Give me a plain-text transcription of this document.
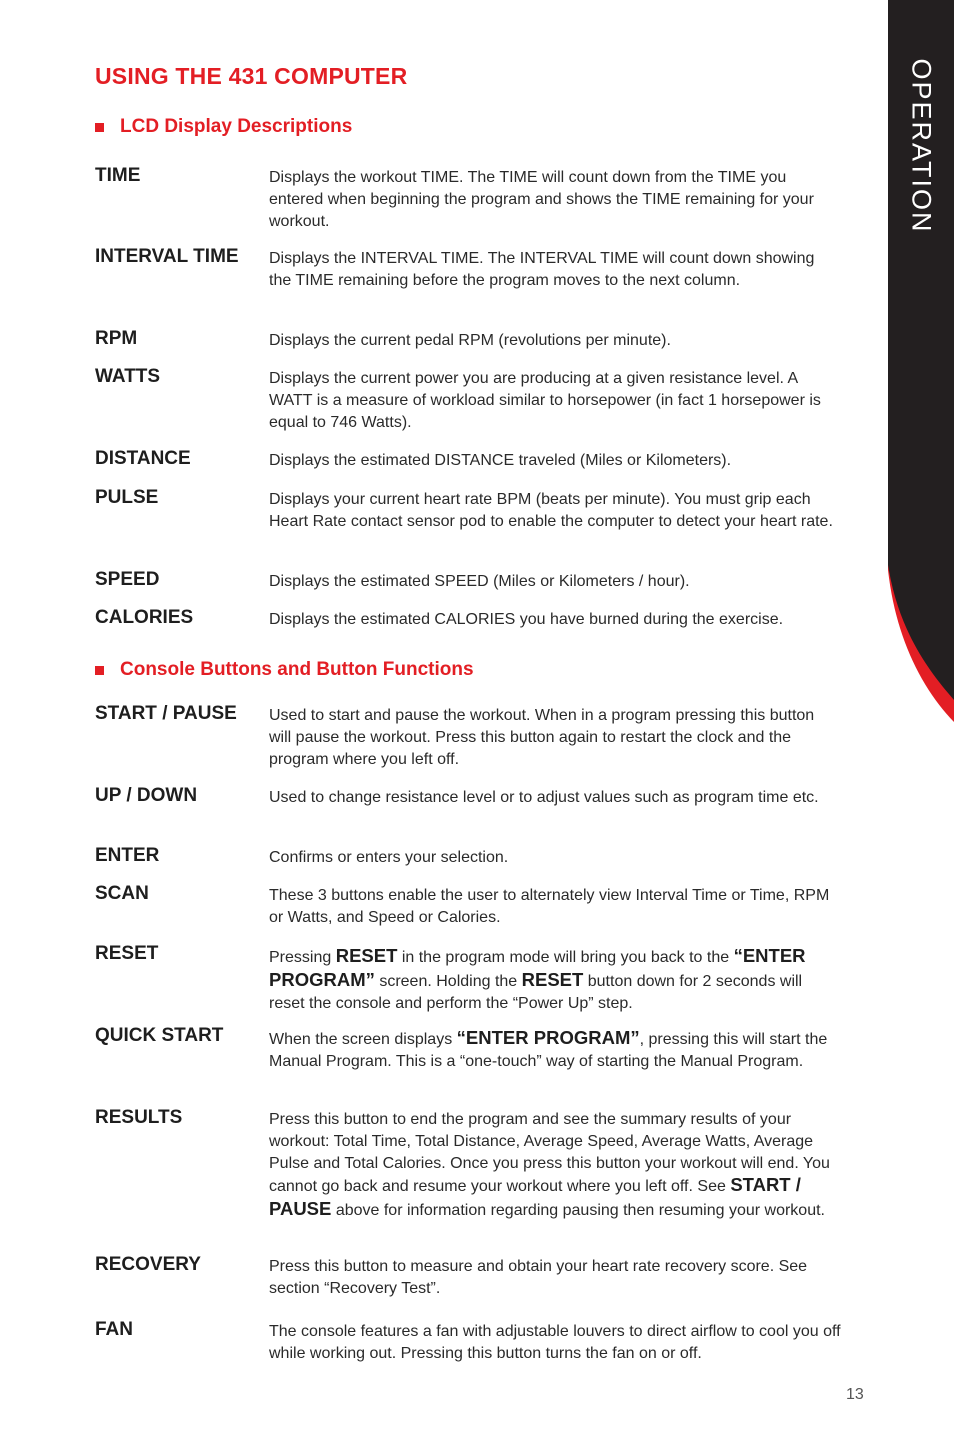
OPERATION
USING THE 431 COMPUTER
LCD Display Descriptions
TIME	Displays the workout TIME. The TIME will count down from the TIME you entered when beginning the program and shows the TIME remaining for your workout.
INTERVAL TIME Displays the INTERVAL TIME. The INTERVAL TIME will count down showing the TIME remaining before the program moves to the next column.
RPM	Displays the current pedal RPM (revolutions per minute).
WATTS	Displays the current power you are producing at a given resistance level. A WATT is a measure of workload similar to horsepower (in fact 1 horsepower is equal to 746 Watts).
DISTANCE	Displays the estimated DISTANCE traveled (Miles or Kilometers).
PULSE	Displays your current heart rate BPM (beats per minute). You must grip each Heart Rate contact sensor pod to enable the computer to detect your heart rate.
SPEED	Displays the estimated SPEED (Miles or Kilometers / hour).
CALORIES	Displays the estimated CALORIES you have burned during the exercise.
Console Buttons and Button Functions
START / PAUSE Used to start and pause the workout. When in a program pressing this button will pause the workout. Press this button again to restart the clock and the program where you left off.
UP / DOWN	Used to change resistance level or to adjust values such as program time etc.
ENTER	Confirms or enters your selection.
SCAN	These 3 buttons enable the user to alternately view Interval Time or Time, RPM or Watts, and Speed or Calories.
RESET	Pressing RESET in the program mode will bring you back to the “ENTER PROGRAM” screen. Holding the RESET button down for 2 seconds will reset the console and perform the “Power Up” step.
QUICK START	When the screen displays “ENTER PROGRAM”, pressing this will start the Manual Program. This is a “one-touch” way of starting the Manual Program.
RESULTS	Press this button to end the program and see the summary results of your workout: Total Time, Total Distance, Average Speed, Average Watts, Average Pulse and Total Calories. Once you press this button your workout will end. You cannot go back and resume your workout where you left off. See START / PAUSE above for information regarding pausing then resuming your workout.
RECOVERY	Press this button to measure and obtain your heart rate recovery score. See section “Recovery Test”.
FAN	The console features a fan with adjustable louvers to direct airflow to cool you off while working out. Pressing this button turns the fan on or off.
13
